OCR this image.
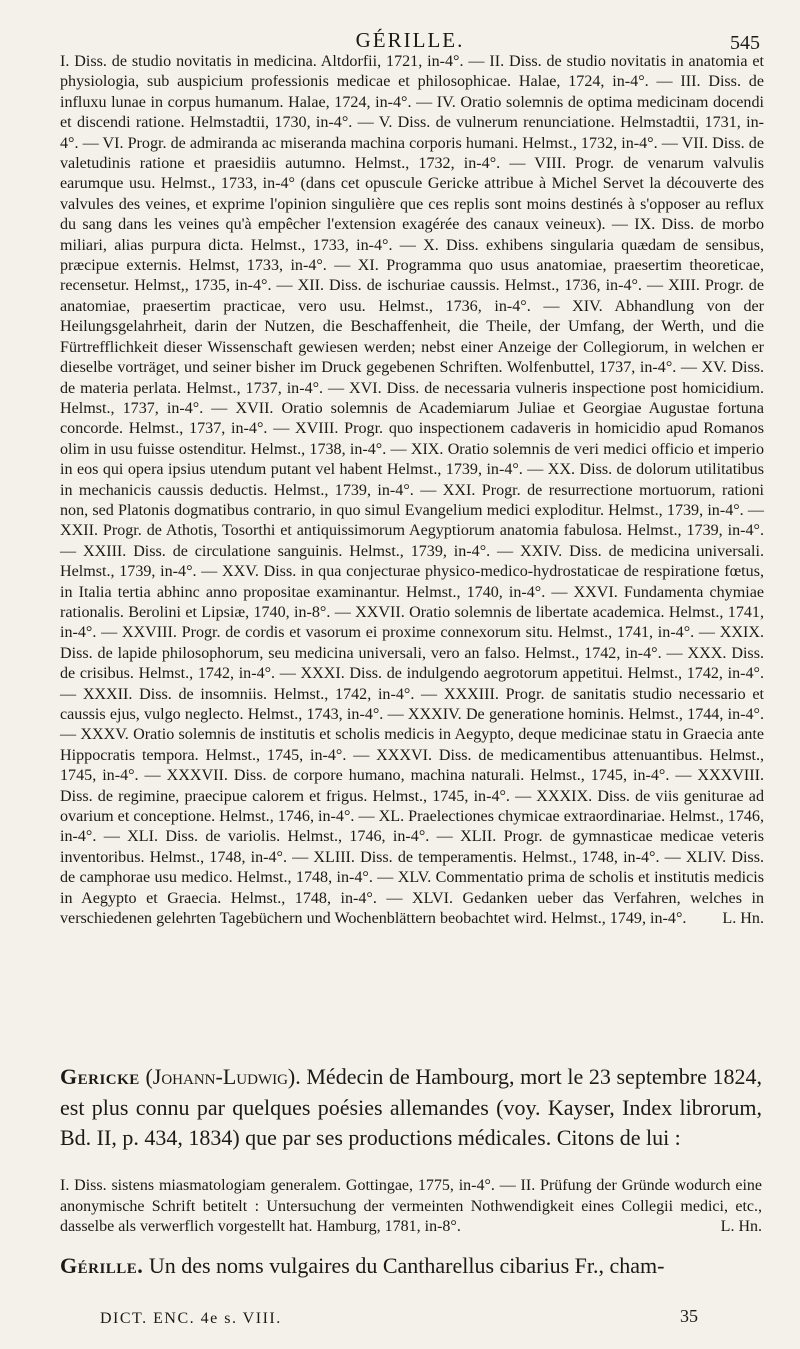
GÉRILLE.	545

I. Diss. de studio novitatis in medicina. Altdorfii, 1721, in-4°. — II. Diss. de studio novitatis in anatomia et physiologia, sub auspicium professionis medicae et philosophicae. Halae, 1724, in-4°. — III. Diss. de influxu lunae in corpus humanum. Halae, 1724, in-4°. — IV. Oratio solemnis de optima medicinam docendi et discendi ratione. Helmstadtii, 1730, in-4°. — V. Diss. de vulnerum renunciatione. Helmstadtii, 1731, in-4°. — VI. Progr. de admiranda ac miseranda machina corporis humani. Helmst., 1732, in-4°. — VII. Diss. de valetudinis ratione et praesidiis autumno. Helmst., 1732, in-4°. — VIII. Progr. de venarum valvulis earumque usu. Helmst., 1733, in-4° (dans cet opuscule Gericke attribue à Michel Servet la découverte des valvules des veines, et exprime l'opinion singulière que ces replis sont moins destinés à s'opposer au reflux du sang dans les veines qu'à empêcher l'extension exagérée des canaux veineux). — IX. Diss. de morbo miliari, alias purpura dicta. Helmst., 1733, in-4°. — X. Diss. exhibens singularia quædam de sensibus, præcipue externis. Helmst, 1733, in-4°. — XI. Programma quo usus anatomiae, praesertim theoreticae, recensetur. Helmst,, 1735, in-4°. — XII. Diss. de ischuriae caussis. Helmst., 1736, in-4°. — XIII. Progr. de anatomiae, praesertim practicae, vero usu. Helmst., 1736, in-4°. — XIV. Abhandlung von der Heilungsgelahrheit, darin der Nutzen, die Beschaffenheit, die Theile, der Umfang, der Werth, und die Fürtrefflichkeit dieser Wissenschaft gewiesen werden; nebst einer Anzeige der Collegiorum, in welchen er dieselbe vorträget, und seiner bisher im Druck gegebenen Schriften. Wolfenbuttel, 1737, in-4°. — XV. Diss. de materia perlata. Helmst., 1737, in-4°. — XVI. Diss. de necessaria vulneris inspectione post homicidium. Helmst., 1737, in-4°. — XVII. Oratio solemnis de Academiarum Juliae et Georgiae Augustae fortuna concorde. Helmst., 1737, in-4°. — XVIII. Progr. quo inspectionem cadaveris in homicidio apud Romanos olim in usu fuisse ostenditur. Helmst., 1738, in-4°. — XIX. Oratio solemnis de veri medici officio et imperio in eos qui opera ipsius utendum putant vel habent Helmst., 1739, in-4°. — XX. Diss. de dolorum utilitatibus in mechanicis caussis deductis. Helmst., 1739, in-4°. — XXI. Progr. de resurrectione mortuorum, rationi non, sed Platonis dogmatibus contrario, in quo simul Evangelium medici exploditur. Helmst., 1739, in-4°. — XXII. Progr. de Athotis, Tosorthi et antiquissimorum Aegyptiorum anatomia fabulosa. Helmst., 1739, in-4°. — XXIII. Diss. de circulatione sanguinis. Helmst., 1739, in-4°. — XXIV. Diss. de medicina universali. Helmst., 1739, in-4°. — XXV. Diss. in qua conjecturae physico-medico-hydrostaticae de respiratione fœtus, in Italia tertia abhinc anno propositae examinantur. Helmst., 1740, in-4°. — XXVI. Fundamenta chymiae rationalis. Berolini et Lipsiæ, 1740, in-8°. — XXVII. Oratio solemnis de libertate academica. Helmst., 1741, in-4°. — XXVIII. Progr. de cordis et vasorum ei proxime connexorum situ. Helmst., 1741, in-4°. — XXIX. Diss. de lapide philosophorum, seu medicina universali, vero an falso. Helmst., 1742, in-4°. — XXX. Diss. de crisibus. Helmst., 1742, in-4°. — XXXI. Diss. de indulgendo aegrotorum appetitui. Helmst., 1742, in-4°. — XXXII. Diss. de insomniis. Helmst., 1742, in-4°. — XXXIII. Progr. de sanitatis studio necessario et caussis ejus, vulgo neglecto. Helmst., 1743, in-4°. — XXXIV. De generatione hominis. Helmst., 1744, in-4°. — XXXV. Oratio solemnis de institutis et scholis medicis in Aegypto, deque medicinae statu in Graecia ante Hippocratis tempora. Helmst., 1745, in-4°. — XXXVI. Diss. de medicamentibus attenuantibus. Helmst., 1745, in-4°. — XXXVII. Diss. de corpore humano, machina naturali. Helmst., 1745, in-4°. — XXXVIII. Diss. de regimine, praecipue calorem et frigus. Helmst., 1745, in-4°. — XXXIX. Diss. de viis geniturae ad ovarium et conceptione. Helmst., 1746, in-4°. — XL. Praelectiones chymicae extraordinariae. Helmst., 1746, in-4°. — XLI. Diss. de variolis. Helmst., 1746, in-4°. — XLII. Progr. de gymnasticae medicae veteris inventoribus. Helmst., 1748, in-4°. — XLIII. Diss. de temperamentis. Helmst., 1748, in-4°. — XLIV. Diss. de camphorae usu medico. Helmst., 1748, in-4°. — XLV. Commentatio prima de scholis et institutis medicis in Aegypto et Graecia. Helmst., 1748, in-4°. — XLVI. Gedanken ueber das Verfahren, welches in verschiedenen gelehrten Tagebüchern und Wochenblättern beobachtet wird. Helmst., 1749, in-4°. L. Hn.

Gericke (Johann-Ludwig). Médecin de Hambourg, mort le 23 septembre 1824, est plus connu par quelques poésies allemandes (voy. Kayser, Index librorum, Bd. II, p. 434, 1834) que par ses productions médicales. Citons de lui :
I. Diss. sistens miasmatologiam generalem. Gottingae, 1775, in-4°. — II. Prüfung der Gründe wodurch eine anonymische Schrift betitelt : Untersuchung der vermeinten Nothwendigkeit eines Collegii medici, etc., dasselbe als verwerflich vorgestellt hat. Hamburg, 1781, in-8°.	L. Hn.
Gérille. Un des noms vulgaires du Cantharellus cibarius Fr., cham-
DICT. ENC. 4e s. VIII.	35
